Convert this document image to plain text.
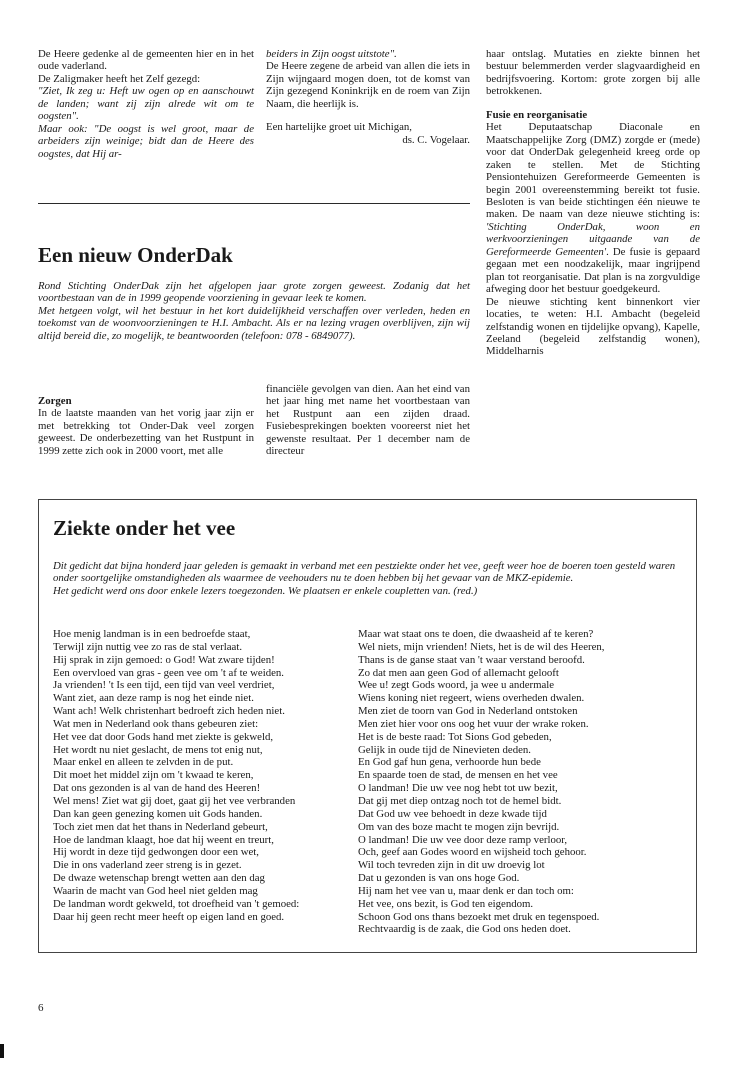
De Heere gedenke al de gemeenten hier en in het oude vaderland.

De Zaligmaker heeft het Zelf gezegd:

"Ziet, Ik zeg u: Heft uw ogen op en aanschouwt de landen; want zij zijn alrede wit om te oogsten".

Maar ook: "De oogst is wel groot, maar de arbeiders zijn weinige; bidt dan de Heere des oogstes, dat Hij ar-

beiders in Zijn oogst uitstote".

De Heere zegene de arbeid van allen die iets in Zijn wijngaard mogen doen, tot de komst van Zijn gezegend Koninkrijk en de roem van Zijn Naam, die heerlijk is.

Een hartelijke groet uit Michigan,

ds. C. Vogelaar.

Een nieuw OnderDak

Rond Stichting OnderDak zijn het afgelopen jaar grote zorgen geweest. Zodanig dat het voortbestaan van de in 1999 geopende voorziening in gevaar leek te komen.

Met hetgeen volgt, wil het bestuur in het kort duidelijkheid verschaffen over verleden, heden en toekomst van de woonvoorzieningen te H.I. Ambacht. Als er na lezing vragen overblijven, zijn wij altijd bereid die, zo mogelijk, te beantwoorden (telefoon: 078 - 6849077).

Zorgen

In de laatste maanden van het vorig jaar zijn er met betrekking tot Onder-Dak veel zorgen geweest. De onderbezetting van het Rustpunt in 1999 zette zich ook in 2000 voort, met alle

financiële gevolgen van dien. Aan het eind van het jaar hing met name het voortbestaan van het Rustpunt aan een zijden draad. Fusiebesprekingen boekten vooreerst niet het gewenste resultaat. Per 1 december nam de directeur

haar ontslag. Mutaties en ziekte binnen het bestuur belemmerden verder slagvaardigheid en bedrijfsvoering. Kortom: grote zorgen bij alle betrokkenen.

Fusie en reorganisatie

Het Deputaatschap Diaconale en Maatschappelijke Zorg (DMZ) zorgde er (mede) voor dat OnderDak gelegenheid kreeg orde op zaken te stellen. Met de Stichting Pensiontehuizen Gereformeerde Gemeenten is begin 2001 overeenstemming bereikt tot fusie. Besloten is van beide stichtingen één nieuwe te maken. De naam van deze nieuwe stichting is: 'Stichting OnderDak, woon en werkvoorzieningen uitgaande van de Gereformeerde Gemeenten'. De fusie is gepaard gegaan met een noodzakelijk, maar ingrijpend plan tot reorganisatie. Dat plan is na zorgvuldige afweging door het bestuur goedgekeurd.

De nieuwe stichting kent binnenkort vier locaties, te weten: H.I. Ambacht (begeleid zelfstandig wonen en tijdelijke opvang), Kapelle, Zeeland (begeleid zelfstandig wonen), Middelharnis

Ziekte onder het vee

Dit gedicht dat bijna honderd jaar geleden is gemaakt in verband met een pestziekte onder het vee, geeft weer hoe de boeren toen gesteld waren onder soortgelijke omstandigheden als waarmee de veehouders nu te doen hebben bij het gevaar van de MKZ-epidemie.

Het gedicht werd ons door enkele lezers toegezonden. We plaatsen er enkele coupletten van. (red.)

Hoe menig landman is in een bedroefde staat,

Terwijl zijn nuttig vee zo ras de stal verlaat.

Hij sprak in zijn gemoed: o God! Wat zware tijden!

Een overvloed van gras - geen vee om 't af te weiden.

Ja vrienden! 't Is een tijd, een tijd van veel verdriet,

Want ziet, aan deze ramp is nog het einde niet.

Want ach! Welk christenhart bedroeft zich heden niet.

Wat men in Nederland ook thans gebeuren ziet:

Het vee dat door Gods hand met ziekte is gekweld,

Het wordt nu niet geslacht, de mens tot enig nut,

Maar enkel en alleen te zelvden in de put.

Dit moet het middel zijn om 't kwaad te keren,

Dat ons gezonden is al van de hand des Heeren!

Wel mens! Ziet wat gij doet, gaat gij het vee verbranden

Dan kan geen genezing komen uit Gods handen.

Toch ziet men dat het thans in Nederland gebeurt,

Hoe de landman klaagt, hoe dat hij weent en treurt,

Hij wordt in deze tijd gedwongen door een wet,

Die in ons vaderland zeer streng is in gezet.

De dwaze wetenschap brengt wetten aan den dag

Waarin de macht van God heel niet gelden mag

De landman wordt gekweld, tot droefheid van 't gemoed:

Daar hij geen recht meer heeft op eigen land en goed.

Maar wat staat ons te doen, die dwaasheid af te keren?

Wel niets, mijn vrienden! Niets, het is de wil des Heeren,

Thans is de ganse staat van 't waar verstand beroofd.

Zo dat men aan geen God of allemacht gelooft

Wee u! zegt Gods woord, ja wee u andermale

Wiens koning niet regeert, wiens overheden dwalen.

Men ziet de toorn van God in Nederland ontstoken

Men ziet hier voor ons oog het vuur der wrake roken.

Het is de beste raad: Tot Sions God gebeden,

Gelijk in oude tijd de Ninevieten deden.

En God gaf hun gena, verhoorde hun bede

En spaarde toen de stad, de mensen en het vee

O landman! Die uw vee nog hebt tot uw bezit,

Dat gij met diep ontzag noch tot de hemel bidt.

Dat God uw vee behoedt in deze kwade tijd

Om van des boze macht te mogen zijn bevrijd.

O landman! Die uw vee door deze ramp verloor,

Och, geef aan Godes woord en wijsheid toch gehoor.

Wil toch tevreden zijn in dit uw droevig lot

Dat u gezonden is van ons hoge God.

Hij nam het vee van u, maar denk er dan toch om:

Het vee, ons bezit, is God ten eigendom.

Schoon God ons thans bezoekt met druk en tegenspoed.

Rechtvaardig is de zaak, die God ons heden doet.

6
